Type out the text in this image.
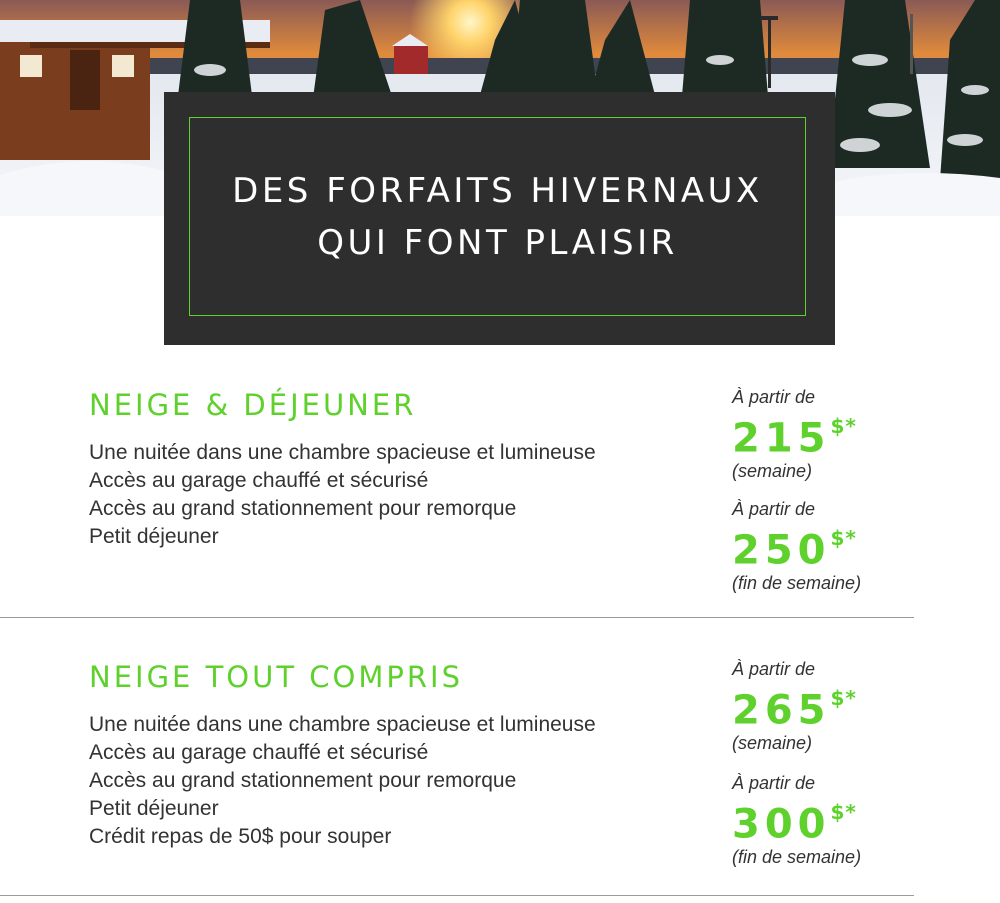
DES FORFAITS HIVERNAUX
QUI FONT PLAISIR
NEIGE & DÉJEUNER
Une nuitée dans une chambre spacieuse et lumineuse
Accès au garage chauffé et sécurisé
Accès au grand stationnement pour remorque
Petit déjeuner
À partir de
215$*
(semaine)
À partir de
250$*
(fin de semaine)
NEIGE TOUT COMPRIS
Une nuitée dans une chambre spacieuse et lumineuse
Accès au garage chauffé et sécurisé
Accès au grand stationnement pour remorque
Petit déjeuner
Crédit repas de 50$ pour souper
À partir de
265$*
(semaine)
À partir de
300$*
(fin de semaine)
